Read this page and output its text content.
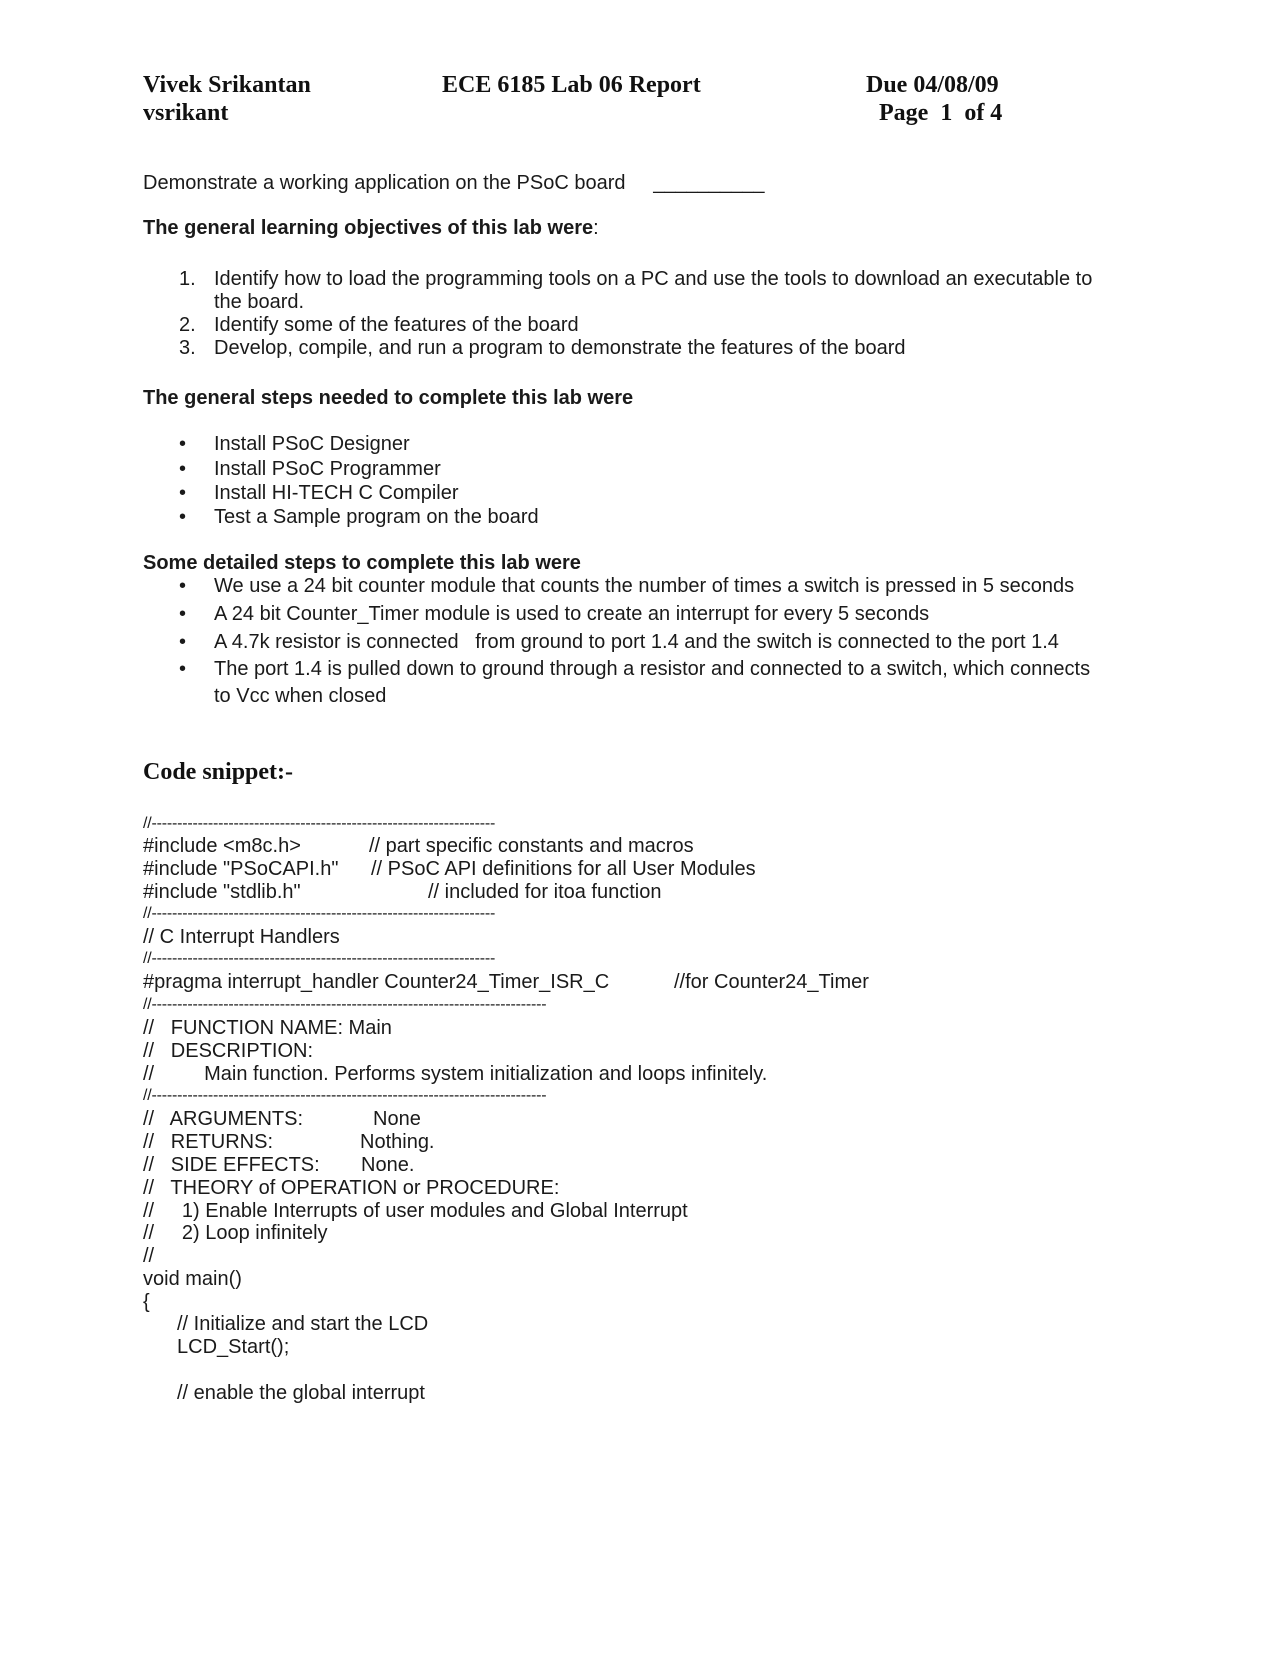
Vivek Srikantan
vsrikant
ECE 6185 Lab 06 Report	Due 04/08/09
Page  1  of 4
Demonstrate a working application on the PSoC board     __________
The general learning objectives of this lab were:
1. Identify how to load the programming tools on a PC and use the tools to download an executable to
the board.
2. Identify some of the features of the board
3. Develop, compile, and run a program to demonstrate the features of the board
The general steps needed to complete this lab were
• Install PSoC Designer
• Install PSoC Programmer
• Install HI-TECH C Compiler
• Test a Sample program on the board
Some detailed steps to complete this lab were
• We use a 24 bit counter module that counts the number of times a switch is pressed in 5 seconds
• A 24 bit Counter_Timer module is used to create an interrupt for every 5 seconds
• A 4.7k resistor is connected   from ground to port 1.4 and the switch is connected to the port 1.4
• The port 1.4 is pulled down to ground through a resistor and connected to a switch, which connects
to Vcc when closed
Code snippet:-
//-------------------------------------------------------------------
#include <m8c.h>	// part specific constants and macros
#include "PSoCAPI.h" // PSoC API definitions for all User Modules
#include "stdlib.h"	// included for itoa function
//-------------------------------------------------------------------
// C Interrupt Handlers
//-------------------------------------------------------------------
#pragma interrupt_handler Counter24_Timer_ISR_C	//for Counter24_Timer
//-----------------------------------------------------------------------------
//   FUNCTION NAME: Main
//   DESCRIPTION:
//         Main function. Performs system initialization and loops infinitely.
//-----------------------------------------------------------------------------
//   ARGUMENTS:	None
//   RETURNS:	Nothing.
//   SIDE EFFECTS: None.
//   THEORY of OPERATION or PROCEDURE:
//     1) Enable Interrupts of user modules and Global Interrupt
//     2) Loop infinitely
//
void main()
{
// Initialize and start the LCD
LCD_Start();
// enable the global interrupt
